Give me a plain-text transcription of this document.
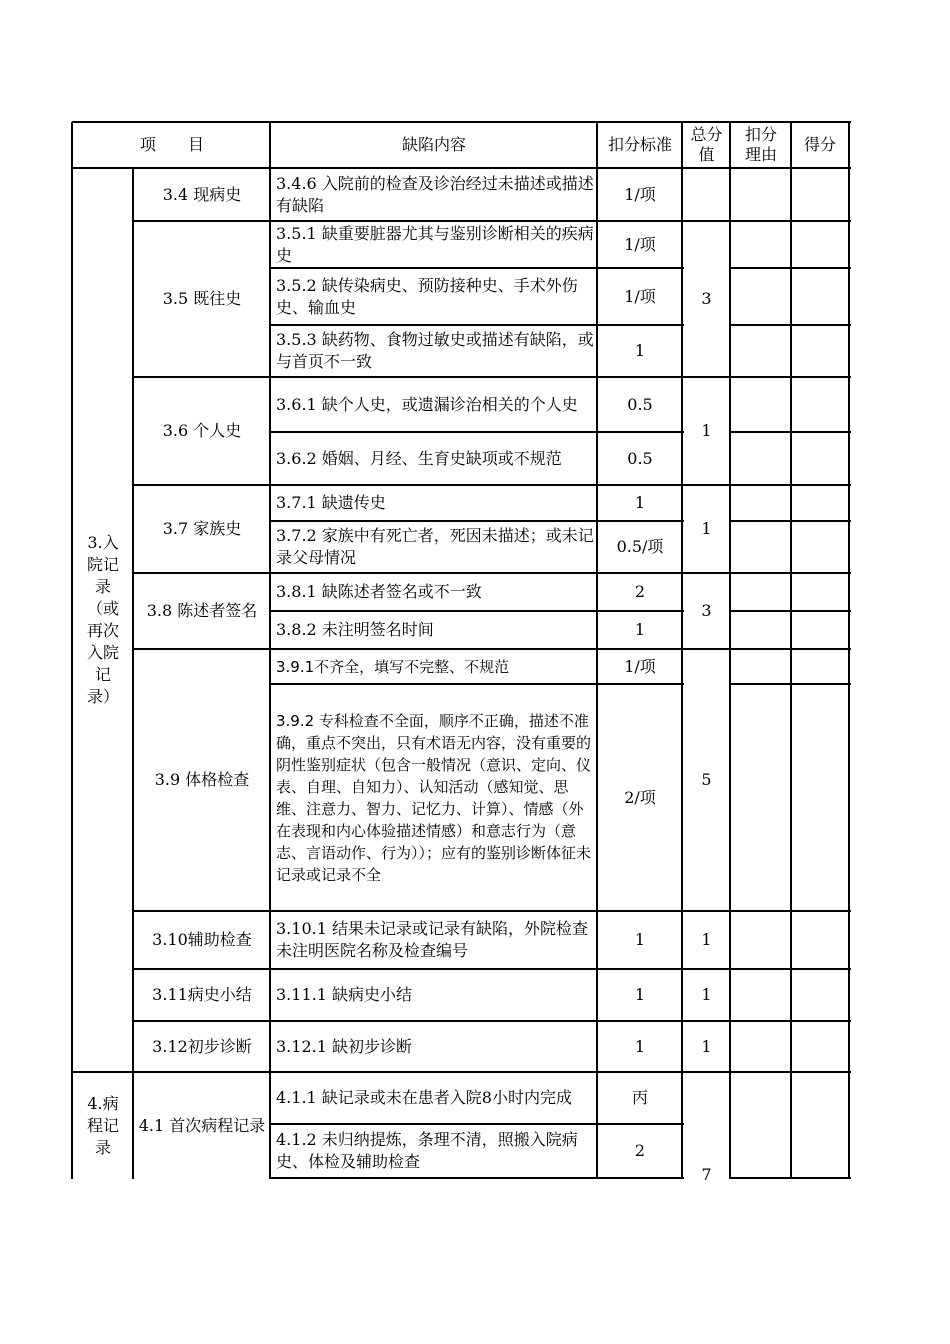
项　　目	缺陷内容	扣分标准
总分
值
扣分
理由
得分
3.入院记录（或再次入院记录）
4.病程记录
3.4 现病史
3.5 既往史
3.6 个人史
3.7 家族史
3.8 陈述者签名
3.9 体格检查
3.10辅助检查
3.11病史小结
3.12初步诊断
4.1 首次病程记录
3.4.6 入院前的检查及诊治经过未描述或描述有缺陷
3.5.1 缺重要脏器尤其与鉴别诊断相关的疾病史
3.5.2 缺传染病史、预防接种史、手术外伤史、输血史
3.5.3 缺药物、食物过敏史或描述有缺陷，或与首页不一致
3.6.1 缺个人史，或遗漏诊治相关的个人史
3.6.2 婚姻、月经、生育史缺项或不规范
3.7.1 缺遗传史
3.7.2 家族中有死亡者，死因未描述；或未记录父母情况
3.8.1 缺陈述者签名或不一致
3.8.2 未注明签名时间
3.9.1不齐全，填写不完整、不规范
3.9.2 专科检查不全面，顺序不正确，描述不准确，重点不突出，只有术语无内容，没有重要的阴性鉴别症状（包含一般情况（意识、定向、仪表、自理、自知力）、认知活动（感知觉、思维、注意力、智力、记忆力、计算）、情感（外在表现和内心体验描述情感）和意志行为（意志、言语动作、行为））；应有的鉴别诊断体征未记录或记录不全
3.10.1 结果未记录或记录有缺陷，外院检查未注明医院名称及检查编号
3.11.1 缺病史小结
3.12.1 缺初步诊断
4.1.1 缺记录或未在患者入院8小时内完成
4.1.2 未归纳提炼，条理不清，照搬入院病史、体检及辅助检查
1/项
1/项
1/项
1
0.5
0.5
1
0.5/项
2
1
1/项
2/项
1
1
1
丙
2
3
1
1
3
5
1
1
1
7
